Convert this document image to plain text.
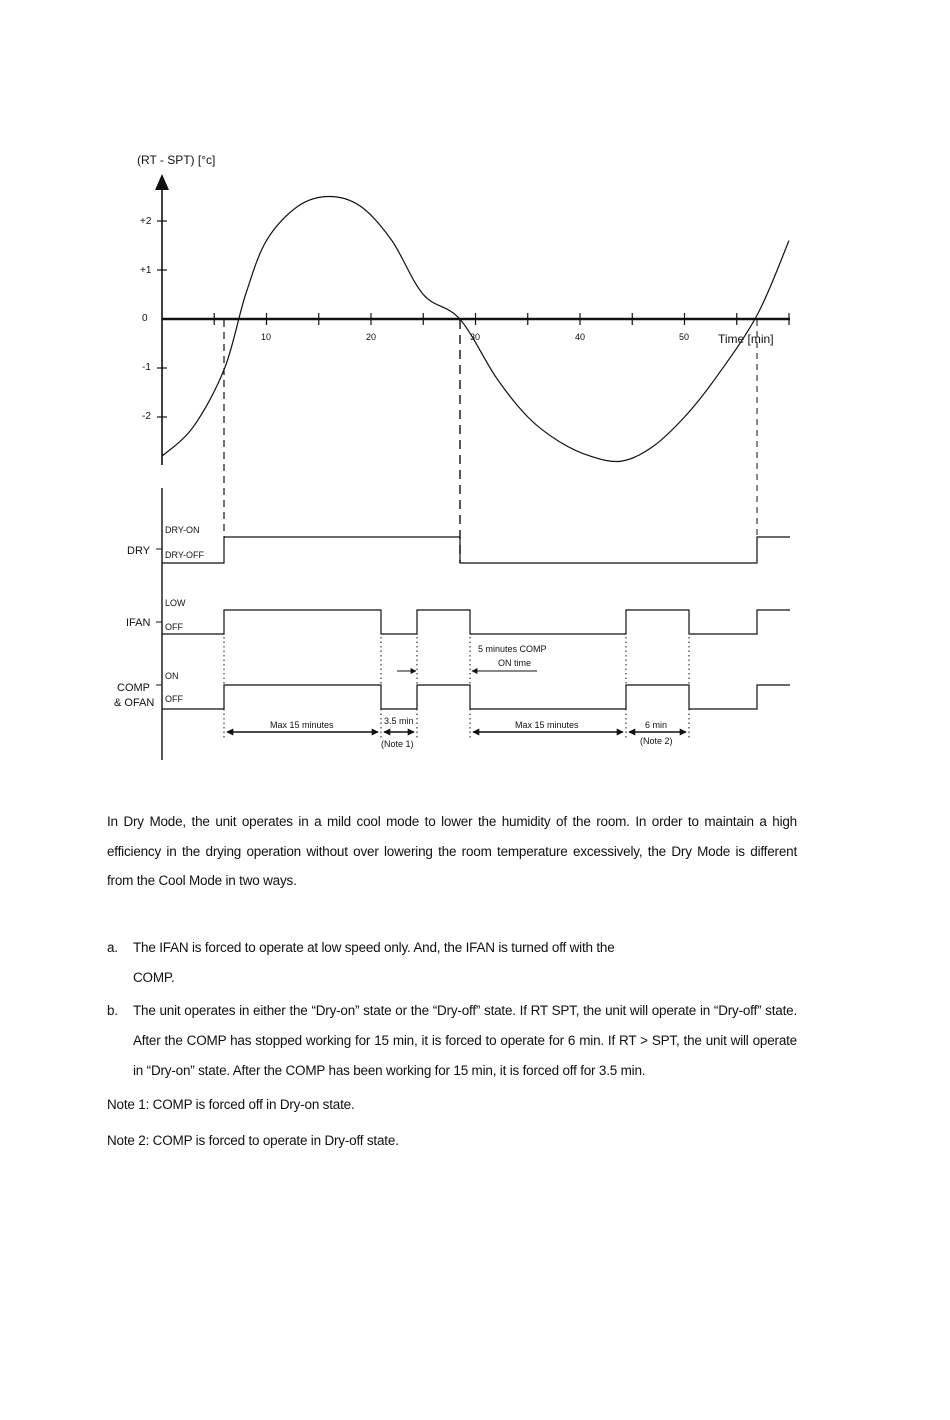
(RT - SPT) [°c]
Time [min]
+2
+1
0
-1
-2
10	20	30	40	50
DRY
DRY-ON
DRY-OFF
IFAN
LOW
OFF
COMP
& OFAN
ON
OFF
5 minutes COMP
ON time
Max 15 minutes	3.5 min
(Note 1)
Max 15 minutes	6 min
(Note 2)
In Dry Mode, the unit operates in a mild cool mode to lower the humidity of the room. In order to maintain a high efficiency in the drying operation without over lowering the room temperature excessively, the Dry Mode is different from the Cool Mode in two ways.
a. The IFAN is forced to operate at low speed only. And, the IFAN is turned off with the
COMP.
b. The unit operates in either the “Dry-on” state or the “Dry-off” state. If RT SPT, the unit will operate in “Dry-off” state. After the COMP has stopped working for 15 min, it is forced to operate for 6 min. If RT > SPT, the unit will operate in “Dry-on” state. After the COMP has been working for 15 min, it is forced off for 3.5 min.
Note 1: COMP is forced off in Dry-on state.
Note 2: COMP is forced to operate in Dry-off state.
